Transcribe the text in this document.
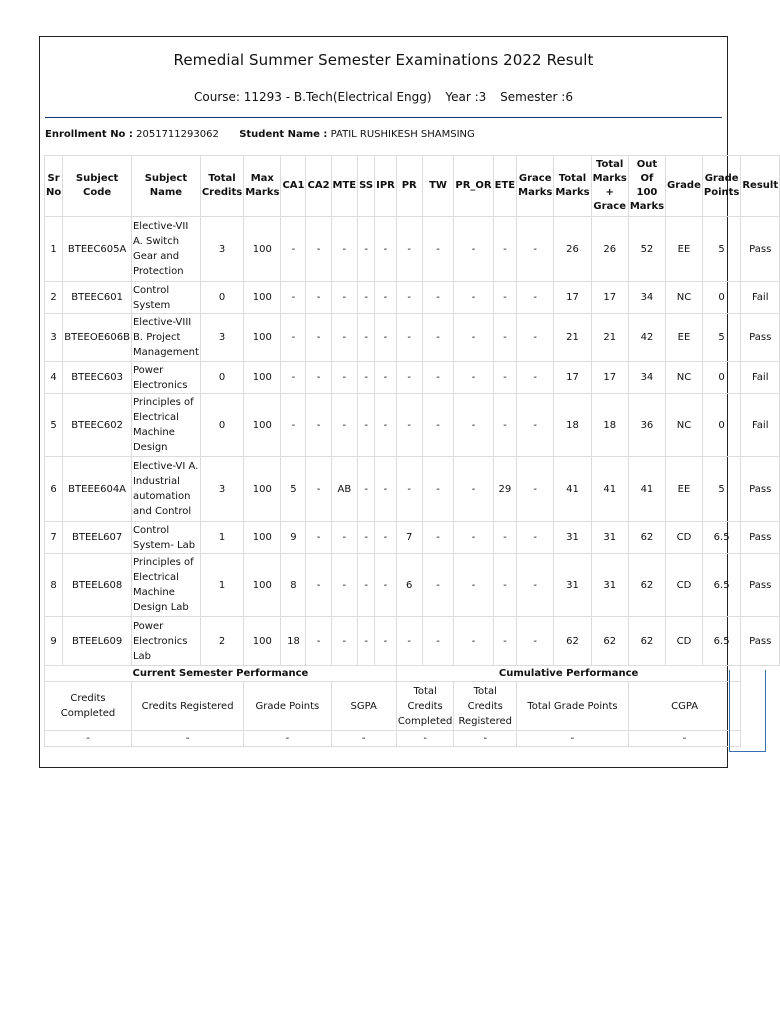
Remedial Summer Semester Examinations 2022 Result
Course: 11293 - B.Tech(Electrical Engg) Year :3 Semester :6
Enrollment No : 2051711293062 Student Name : PATIL RUSHIKESH SHAMSING
Sr No	Subject Code	Subject Name	Total Credits	Max Marks	CA1	CA2	MTE	SS	IPR	PR	TW	PR_OR	ETE	Grace Marks	Total Marks	Total Marks + Grace	Out Of 100 Marks	Grade	Grade Points	Result
1	BTEEC605A	Elective-VII A. Switch Gear and Protection	3	100	-	-	-	-	-	-	-	-	-	-	26	26	52	EE	5	Pass
2	BTEEC601	Control System	0	100	-	-	-	-	-	-	-	-	-	-	17	17	34	NC	0	Fail
3	BTEEOE606B	Elective-VIII B. Project Management	3	100	-	-	-	-	-	-	-	-	-	-	21	21	42	EE	5	Pass
4	BTEEC603	Power Electronics	0	100	-	-	-	-	-	-	-	-	-	-	17	17	34	NC	0	Fail
5	BTEEC602	Principles of Electrical Machine Design	0	100	-	-	-	-	-	-	-	-	-	-	18	18	36	NC	0	Fail
6	BTEEE604A	Elective-VI A. Industrial automation and Control	3	100	5	-	AB	-	-	-	-	-	29	-	41	41	41	EE	5	Pass
7	BTEEL607	Control System- Lab	1	100	9	-	-	-	-	7	-	-	-	-	31	31	62	CD	6.5	Pass
8	BTEEL608	Principles of Electrical Machine Design Lab	1	100	8	-	-	-	-	6	-	-	-	-	31	31	62	CD	6.5	Pass
9	BTEEL609	Power Electronics Lab	2	100	18	-	-	-	-	-	-	-	-	-	62	62	62	CD	6.5	Pass
Current Semester Performance										Cumulative Performance										
Credits Completed		Credits Registered		Grade Points			SGPA			Total Credits Completed		Total Credits Registered		Total Grade Points			CGPA			
-		-		-			-			-		-		-			-			
